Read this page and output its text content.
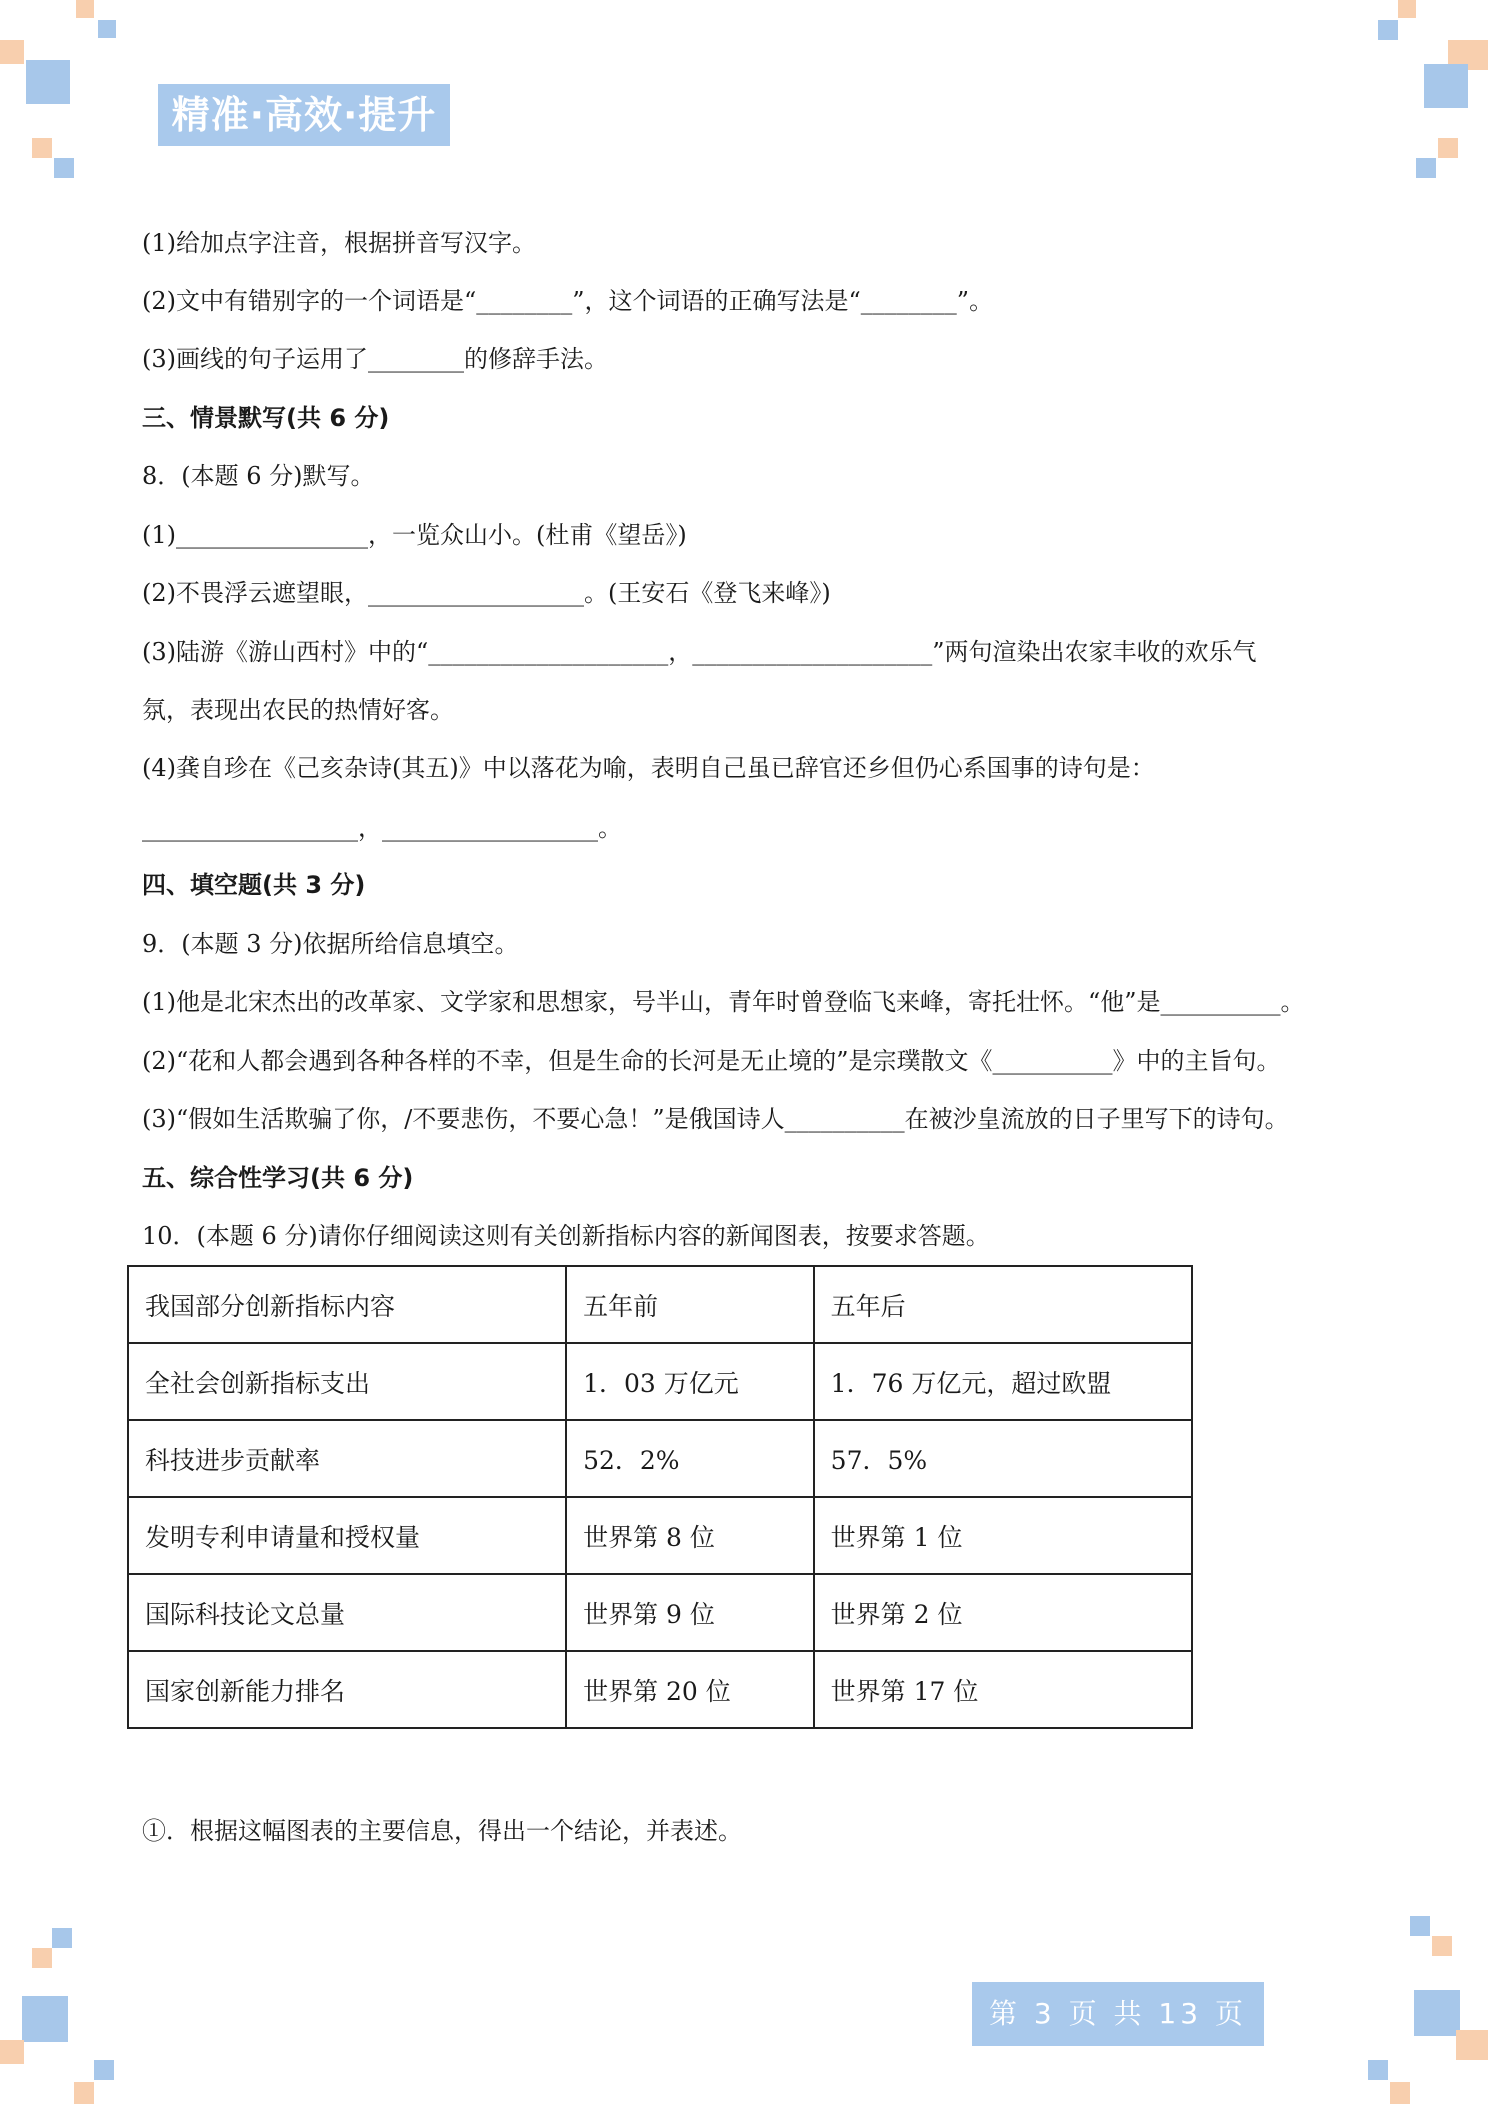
精准·高效·提升
(1)给加点字注音，根据拼音写汉字。
(2)文中有错别字的一个词语是“________”，这个词语的正确写法是“________”。
(3)画线的句子运用了________的修辞手法。
三、情景默写(共 6 分)
8．(本题 6 分)默写。
(1)________________，一览众山小。(杜甫《望岳》)
(2)不畏浮云遮望眼，__________________。(王安石《登飞来峰》)
(3)陆游《游山西村》中的“____________________，____________________”两句渲染出农家丰收的欢乐气
氛，表现出农民的热情好客。
(4)龚自珍在《己亥杂诗(其五)》中以落花为喻，表明自己虽已辞官还乡但仍心系国事的诗句是：
__________________，__________________。
四、填空题(共 3 分)
9．(本题 3 分)依据所给信息填空。
(1)他是北宋杰出的改革家、文学家和思想家，号半山，青年时曾登临飞来峰，寄托壮怀。“他”是__________。
(2)“花和人都会遇到各种各样的不幸，但是生命的长河是无止境的”是宗璞散文《__________》中的主旨句。
(3)“假如生活欺骗了你，/不要悲伤，不要心急！”是俄国诗人__________在被沙皇流放的日子里写下的诗句。
五、综合性学习(共 6 分)
10．(本题 6 分)请你仔细阅读这则有关创新指标内容的新闻图表，按要求答题。
我国部分创新指标内容	五年前	五年后
全社会创新指标支出	1．03 万亿元	1．76 万亿元，超过欧盟
科技进步贡献率	52．2%	57．5%
发明专利申请量和授权量	世界第 8 位	世界第 1 位
国际科技论文总量	世界第 9 位	世界第 2 位
国家创新能力排名	世界第 20 位	世界第 17 位
①．根据这幅图表的主要信息，得出一个结论，并表述。
第 3 页 共 13 页
